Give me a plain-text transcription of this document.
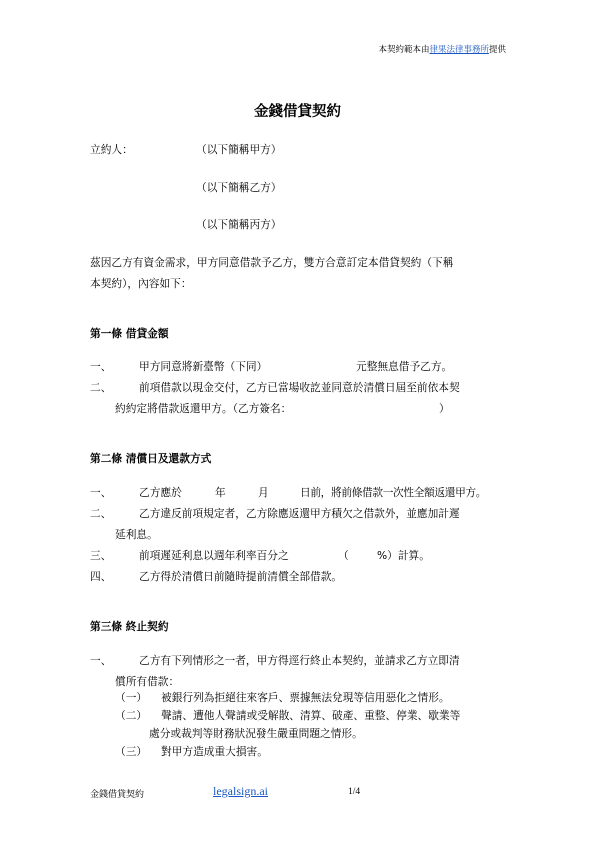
本契約範本由律果法律事務所提供
金錢借貸契約
立約人：	（以下簡稱甲方）
（以下簡稱乙方）
（以下簡稱丙方）
茲因乙方有資金需求，甲方同意借款予乙方，雙方合意訂定本借貸契約（下稱
本契約），內容如下：
第一條 借貸金額
一、	甲方同意將新臺幣（下同）	元整無息借予乙方。
二、	前項借款以現金交付，乙方已當場收訖並同意於清償日屆至前依本契
約約定將借款返還甲方。（乙方簽名：	）
第二條 清償日及還款方式
一、	乙方應於	年	月	日前，將前條借款一次性全額返還甲方。
二、	乙方違反前項規定者，乙方除應返還甲方積欠之借款外，並應加計遲
延利息。
三、	前項遲延利息以週年利率百分之	（	%）計算。
四、	乙方得於清償日前隨時提前清償全部借款。
第三條 終止契約
一、	乙方有下列情形之一者，甲方得逕行終止本契約，並請求乙方立即清
償所有借款：
（一） 被銀行列為拒絕往來客戶、票據無法兌現等信用惡化之情形。
（二） 聲請、遭他人聲請或受解散、清算、破產、重整、停業、歇業等
處分或裁判等財務狀況發生嚴重問題之情形。
（三） 對甲方造成重大損害。
金錢借貸契約	legalsign.ai	1/4
